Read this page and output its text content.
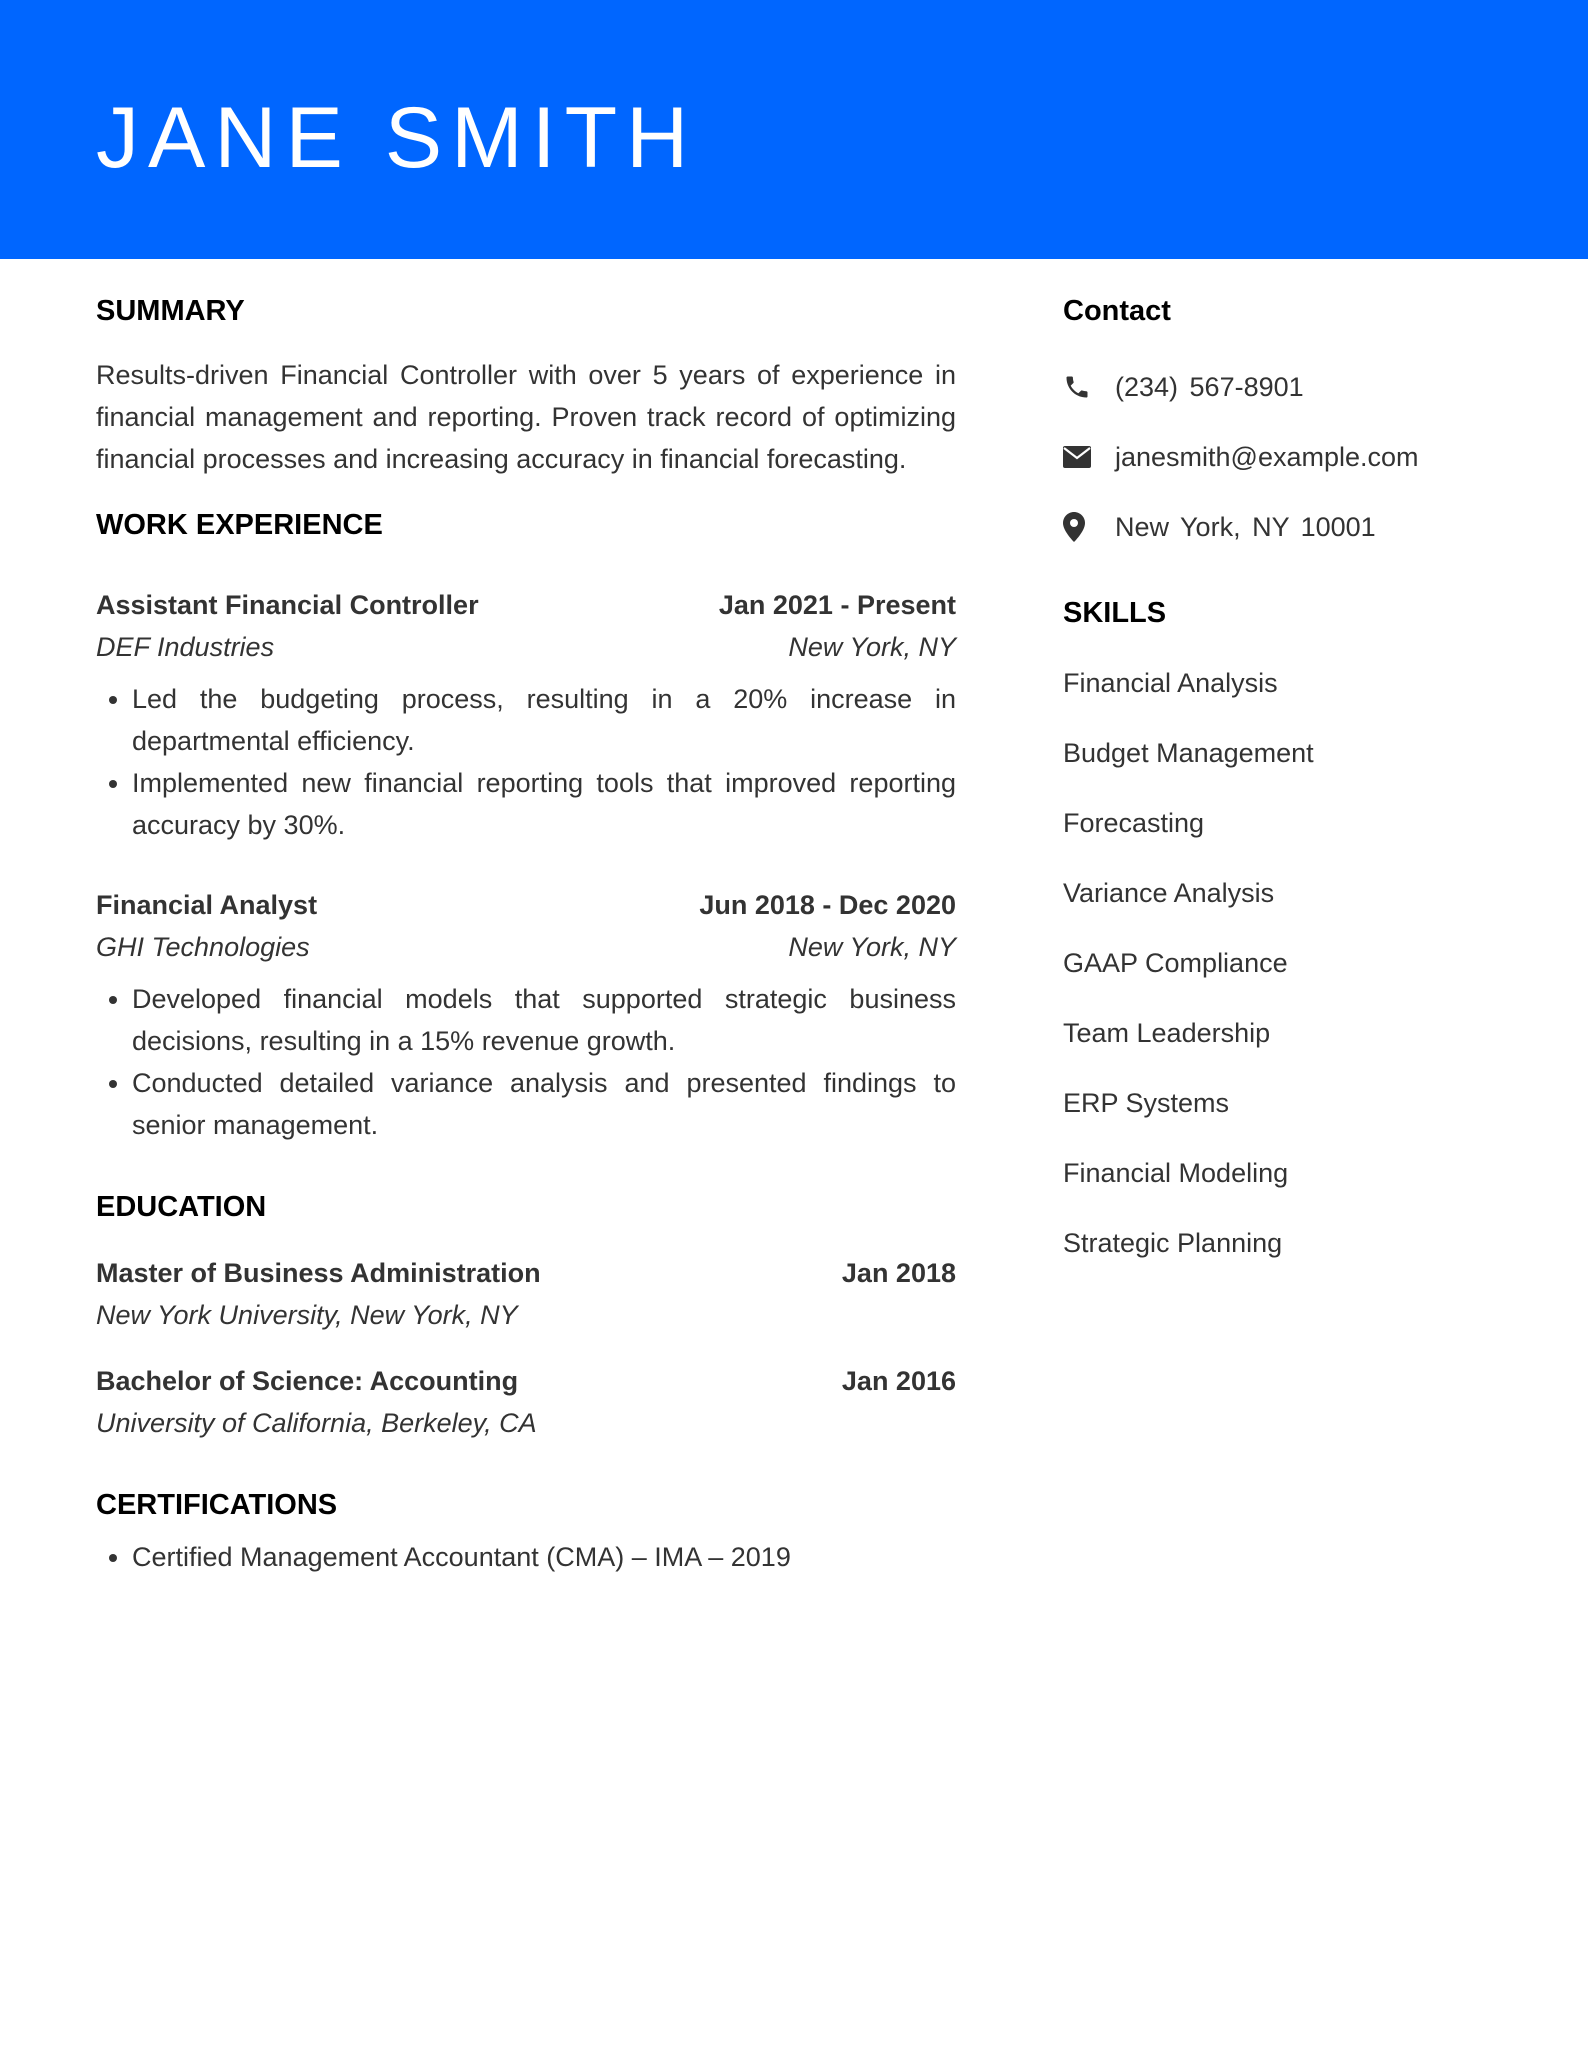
JANE SMITH
SUMMARY

Results-driven Financial Controller with over 5 years of experience in financial management and reporting. Proven track record of optimizing financial processes and increasing accuracy in financial forecasting.

WORK EXPERIENCE
Assistant Financial Controller	Jan 2021 - Present
DEF Industries	New York, NY
• Led the budgeting process, resulting in a 20% increase in departmental efficiency.
• Implemented new financial reporting tools that improved reporting accuracy by 30%.
Financial Analyst	Jun 2018 - Dec 2020
GHI Technologies	New York, NY
• Developed financial models that supported strategic business decisions, resulting in a 15% revenue growth.
• Conducted detailed variance analysis and presented findings to senior management.
EDUCATION
Master of Business Administration	Jan 2018
New York University, New York, NY
Bachelor of Science: Accounting	Jan 2016
University of California, Berkeley, CA
CERTIFICATIONS
• Certified Management Accountant (CMA) – IMA – 2019
Contact
(234) 567-8901
janesmith@example.com
New York, NY 10001
SKILLS
Financial Analysis
Budget Management
Forecasting
Variance Analysis
GAAP Compliance
Team Leadership
ERP Systems
Financial Modeling
Strategic Planning
